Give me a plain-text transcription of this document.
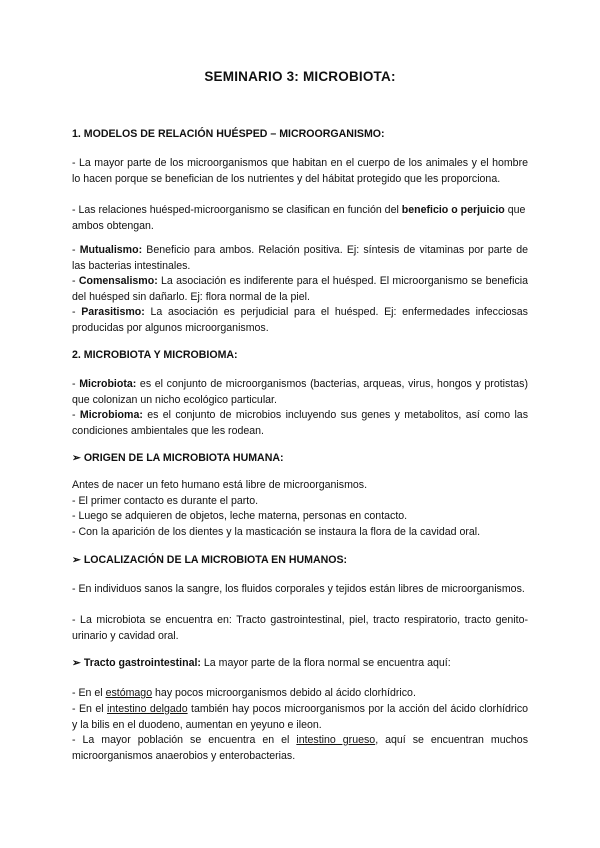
SEMINARIO 3: MICROBIOTA:
1. MODELOS DE RELACIÓN HUÉSPED – MICROORGANISMO:
- La mayor parte de los microorganismos que habitan en el cuerpo de los animales y el hombre lo hacen porque se benefician de los nutrientes y del hábitat protegido que les proporciona.
- Las relaciones huésped-microorganismo se clasifican en función del beneficio o perjuicio que ambos obtengan.
- Mutualismo: Beneficio para ambos. Relación positiva. Ej: síntesis de vitaminas por parte de las bacterias intestinales.
- Comensalismo: La asociación es indiferente para el huésped. El microorganismo se beneficia del huésped sin dañarlo. Ej: flora normal de la piel.
- Parasitismo: La asociación es perjudicial para el huésped. Ej: enfermedades infecciosas producidas por algunos microorganismos.
2. MICROBIOTA Y MICROBIOMA:
- Microbiota: es el conjunto de microorganismos (bacterias, arqueas, virus, hongos y protistas) que colonizan un nicho ecológico particular.
- Microbioma: es el conjunto de microbios incluyendo sus genes y metabolitos, así como las condiciones ambientales que les rodean.
➢ ORIGEN DE LA MICROBIOTA HUMANA:

Antes de nacer un feto humano está libre de microorganismos.

- El primer contacto es durante el parto.

- Luego se adquieren de objetos, leche materna, personas en contacto.

- Con la aparición de los dientes y la masticación se instaura la flora de la cavidad oral.

➢ LOCALIZACIÓN DE LA MICROBIOTA EN HUMANOS:
- En individuos sanos la sangre, los fluidos corporales y tejidos están libres de microorganismos.
- La microbiota se encuentra en: Tracto gastrointestinal, piel, tracto respiratorio, tracto genito-urinario y cavidad oral.
➢ Tracto gastrointestinal: La mayor parte de la flora normal se encuentra aquí:
- En el estómago hay pocos microorganismos debido al ácido clorhídrico.
- En el intestino delgado también hay pocos microorganismos por la acción del ácido clorhídrico y la bilis en el duodeno, aumentan en yeyuno e ileon.
- La mayor población se encuentra en el intestino grueso, aquí se encuentran muchos microorganismos anaerobios y enterobacterias.
